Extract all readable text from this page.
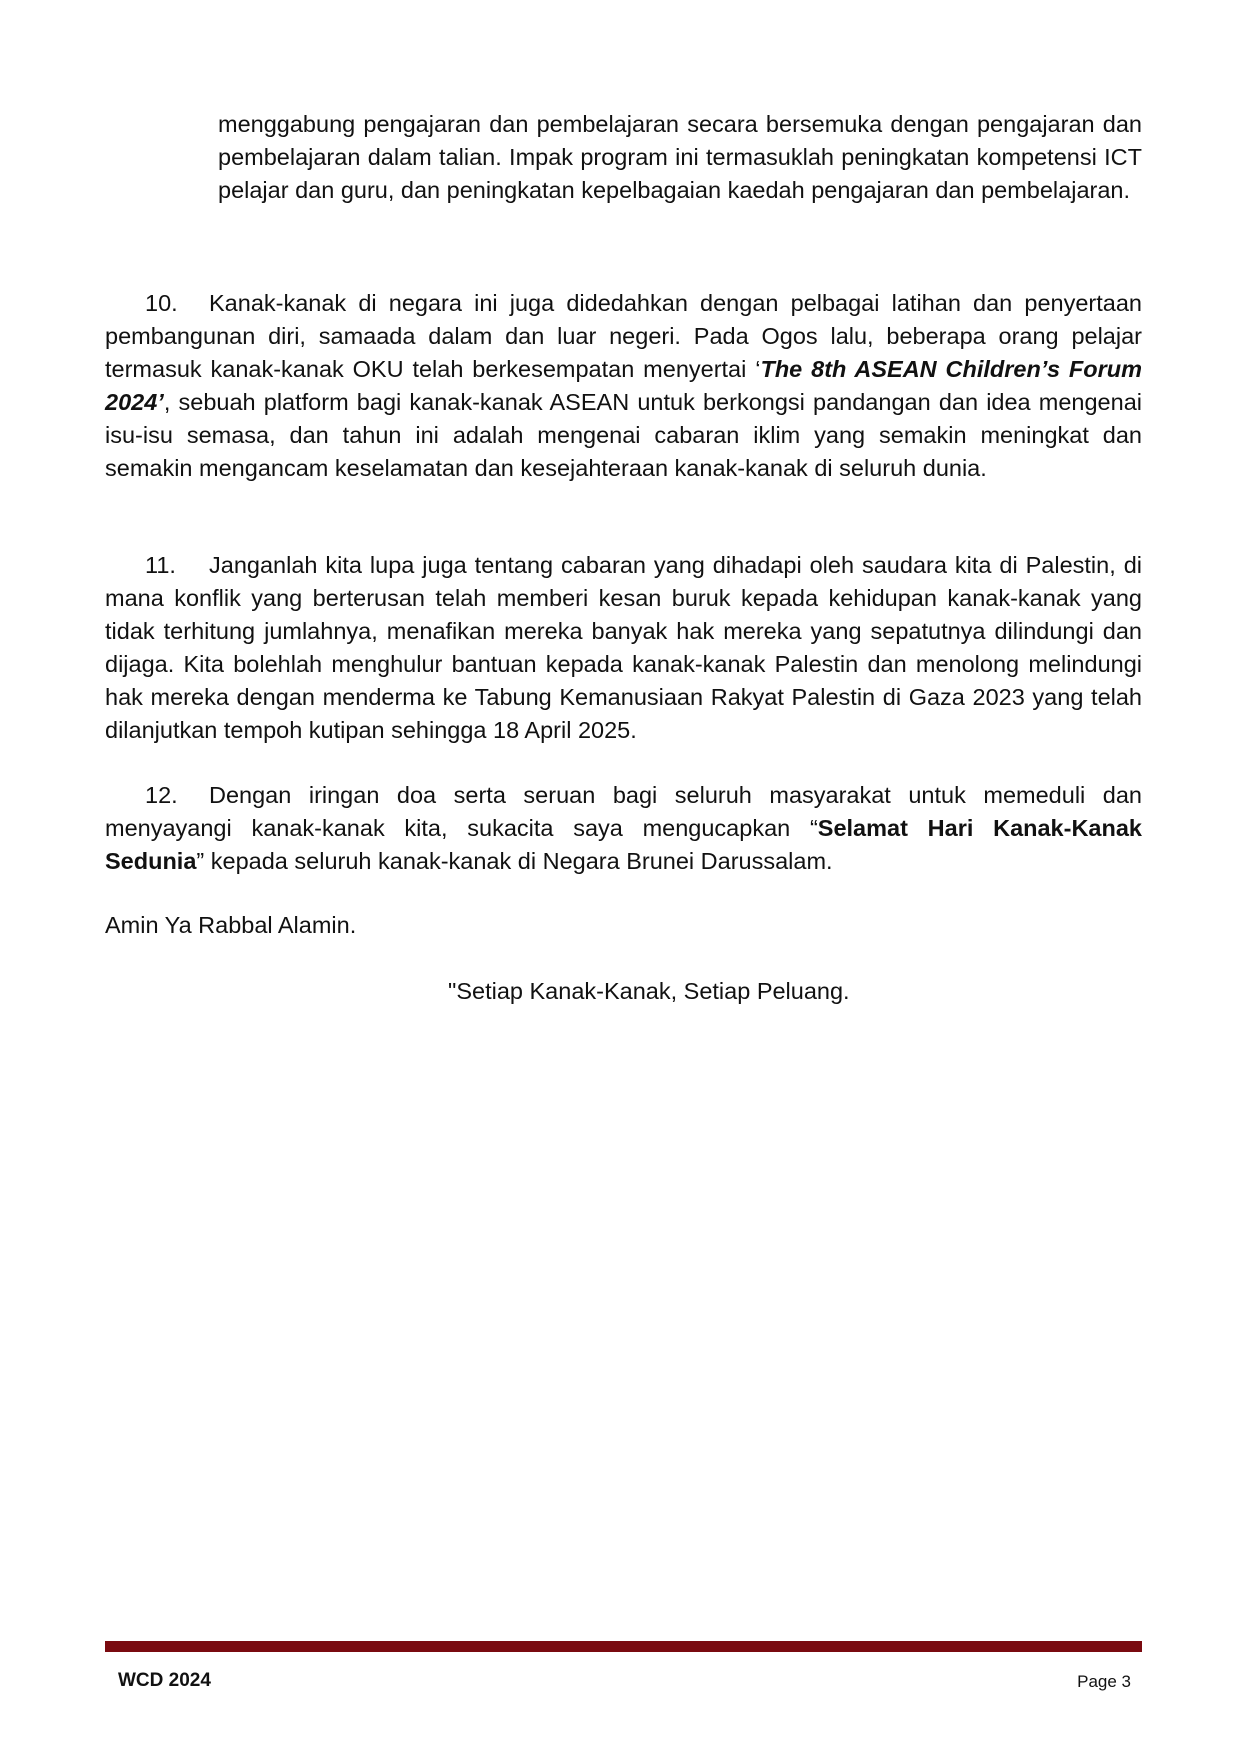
menggabung pengajaran dan pembelajaran secara bersemuka dengan pengajaran dan pembelajaran dalam talian. Impak program ini termasuklah peningkatan kompetensi ICT pelajar dan guru, dan peningkatan kepelbagaian kaedah pengajaran dan pembelajaran.
10. Kanak-kanak di negara ini juga didedahkan dengan pelbagai latihan dan penyertaan pembangunan diri, samaada dalam dan luar negeri. Pada Ogos lalu, beberapa orang pelajar termasuk kanak-kanak OKU telah berkesempatan menyertai ‘The 8th ASEAN Children’s Forum 2024’, sebuah platform bagi kanak-kanak ASEAN untuk berkongsi pandangan dan idea mengenai isu-isu semasa, dan tahun ini adalah mengenai cabaran iklim yang semakin meningkat dan semakin mengancam keselamatan dan kesejahteraan kanak-kanak di seluruh dunia.
11. Janganlah kita lupa juga tentang cabaran yang dihadapi oleh saudara kita di Palestin, di mana konflik yang berterusan telah memberi kesan buruk kepada kehidupan kanak-kanak yang tidak terhitung jumlahnya, menafikan mereka banyak hak mereka yang sepatutnya dilindungi dan dijaga. Kita bolehlah menghulur bantuan kepada kanak-kanak Palestin dan menolong melindungi hak mereka dengan menderma ke Tabung Kemanusiaan Rakyat Palestin di Gaza 2023 yang telah dilanjutkan tempoh kutipan sehingga 18 April 2025.
12. Dengan iringan doa serta seruan bagi seluruh masyarakat untuk memeduli dan menyayangi kanak-kanak kita, sukacita saya mengucapkan “Selamat Hari Kanak-Kanak Sedunia” kepada seluruh kanak-kanak di Negara Brunei Darussalam.
Amin Ya Rabbal Alamin.
"Setiap Kanak-Kanak, Setiap Peluang.
WCD 2024	Page 3
